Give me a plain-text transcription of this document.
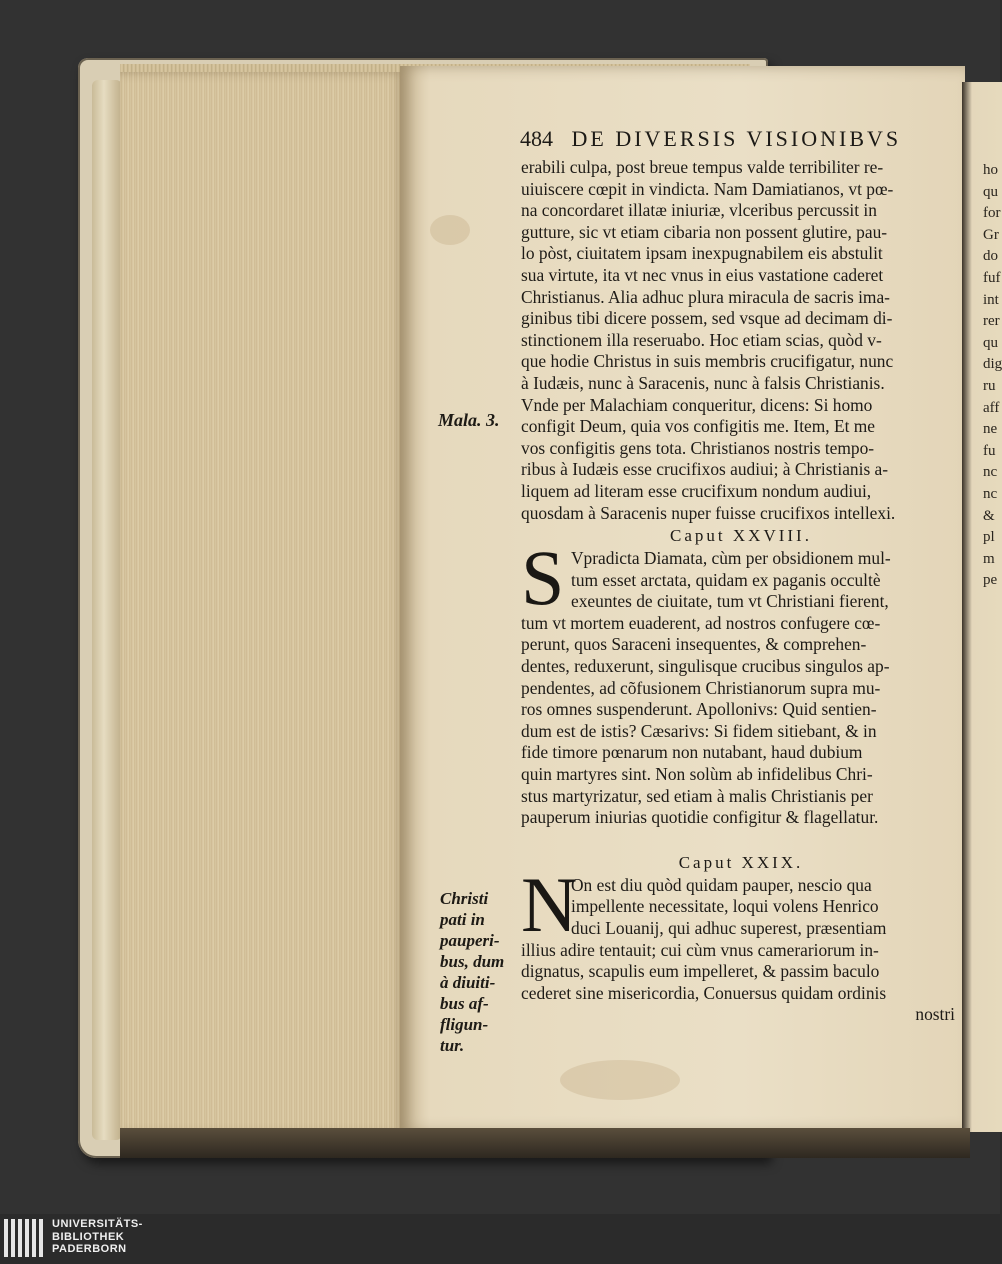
484 DE DIVERSIS VISIONIBVS
Mala. 3.
Christi
pati in
pauperi-
bus, dum
à diuiti-
bus af-
fligun-
tur.
erabili culpa, post breue tempus valde terribiliter re-
uiuiscere cœpit in vindicta. Nam Damiatianos, vt pœ-
na concordaret illatæ iniuriæ, vlceribus percussit in
gutture, sic vt etiam cibaria non possent glutire, pau-
lo pòst, ciuitatem ipsam inexpugnabilem eis abstulit
sua virtute, ita vt nec vnus in eius vastatione caderet
Christianus. Alia adhuc plura miracula de sacris ima-
ginibus tibi dicere possem, sed vsque ad decimam di-
stinctionem illa reseruabo. Hoc etiam scias, quòd v-
que hodie Christus in suis membris crucifigatur, nunc
à Iudæis, nunc à Saracenis, nunc à falsis Christianis.
Vnde per Malachiam conqueritur, dicens: Si homo
configit Deum, quia vos configitis me. Item, Et me
vos configitis gens tota. Christianos nostris tempo-
ribus à Iudæis esse crucifixos audiui; à Christianis a-
liquem ad literam esse crucifixum nondum audiui,
quosdam à Saracenis nuper fuisse crucifixos intellexi.
Caput XXVIII.
S Vpradicta Diamata, cùm per obsidionem mul-
tum esset arctata, quidam ex paganis occultè
exeuntes de ciuitate, tum vt Christiani fierent,
tum vt mortem euaderent, ad nostros confugere cœ-
perunt, quos Saraceni insequentes, & comprehen-
dentes, reduxerunt, singulisque crucibus singulos ap-
pendentes, ad cõfusionem Christianorum supra mu-
ros omnes suspenderunt. Apollonivs: Quid sentien-
dum est de istis? Cæsarivs: Si fidem sitiebant, & in
fide timore pœnarum non nutabant, haud dubium
quin martyres sint. Non solùm ab infidelibus Chri-
stus martyrizatur, sed etiam à malis Christianis per
pauperum iniurias quotidie configitur & flagellatur.
Caput XXIX.
N
On est diu quòd quidam pauper, nescio qua
impellente necessitate, loqui volens Henrico
duci Louanij, qui adhuc superest, præsentiam
illius adire tentauit; cui cùm vnus camerariorum in-
dignatus, scapulis eum impelleret, & passim baculo
cederet sine misericordia, Conuersus quidam ordinis
nostri
ho
qu
for
Gr
do
fuf
int
rer
qu
dig
ru
aff
ne
fu
nc
nc
&
pl
m
pe
UNIVERSITÄTS-
BIBLIOTHEK
PADERBORN
